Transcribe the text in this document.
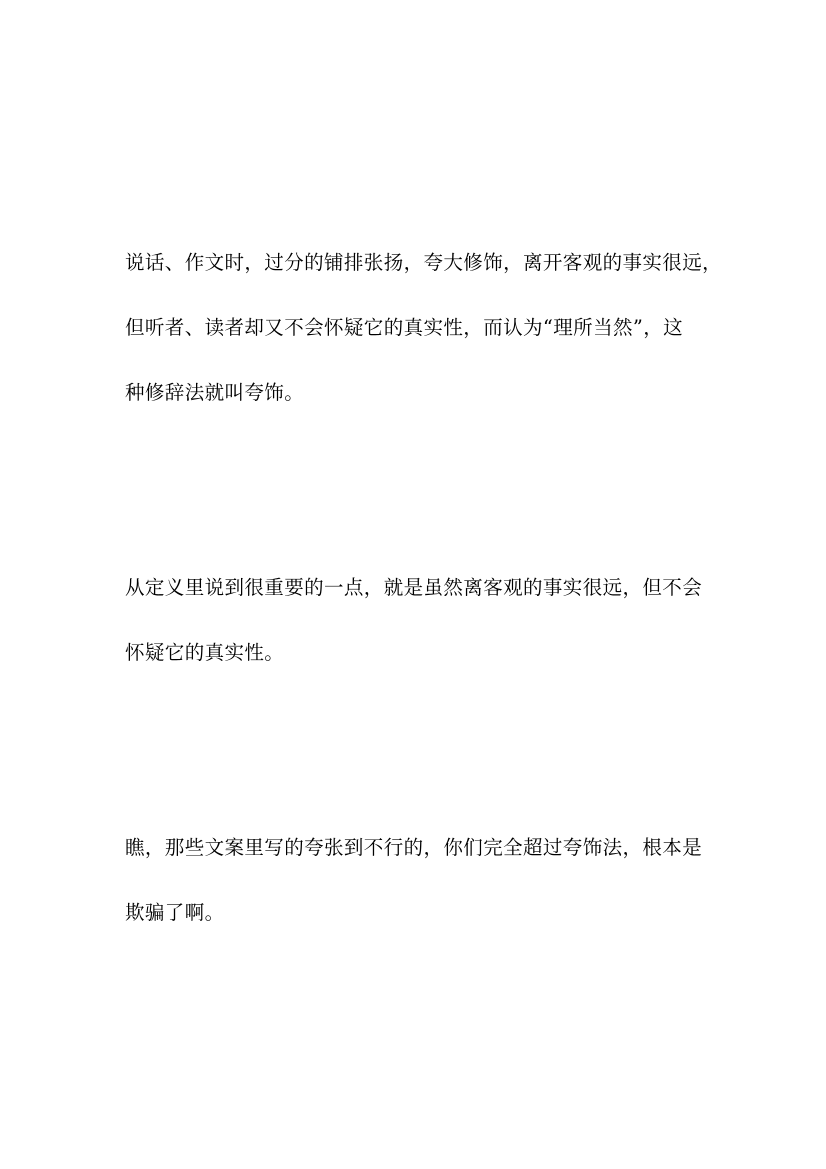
说话、作文时，过分的铺排张扬，夸大修饰，离开客观的事实很远，
但听者、读者却又不会怀疑它的真实性，而认为“理所当然”，这
种修辞法就叫夸饰。
从定义里说到很重要的一点，就是虽然离客观的事实很远，但不会
怀疑它的真实性。
瞧，那些文案里写的夸张到不行的，你们完全超过夸饰法，根本是
欺骗了啊。
